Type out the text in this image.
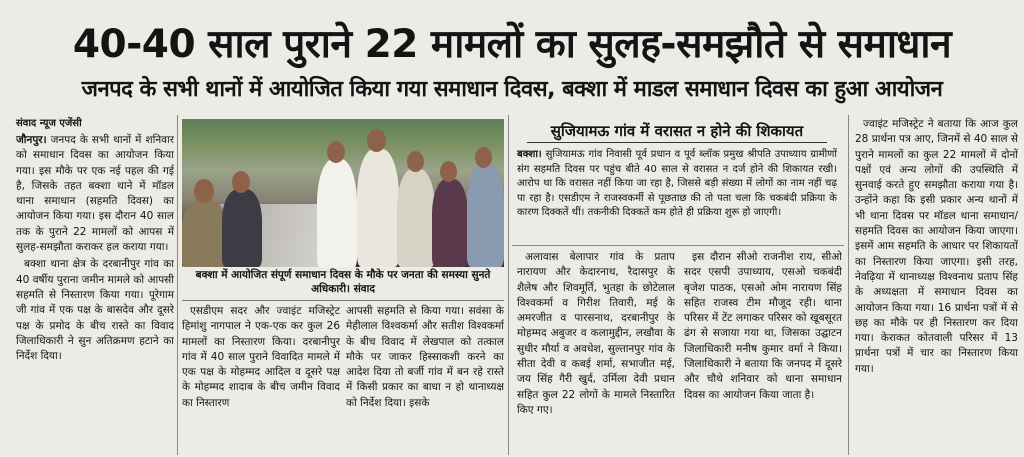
40-40 साल पुराने 22 मामलों का सुलह-समझौते से समाधान
जनपद के सभी थानों में आयोजित किया गया समाधान दिवस, बक्शा में माडल समाधान दिवस का हुआ आयोजन
संवाद न्यूज एजेंसी

जौनपुर। जनपद के सभी थानों में शनिवार को समाधान दिवस का आयोजन किया गया। इस मौके पर एक नई पहल की गई है, जिसके तहत बक्शा थाने में मॉडल थाना समाधान (सहमति दिवस) का आयोजन किया गया। इस दौरान 40 साल तक के पुराने 22 मामलों को आपस में सुलह-समझौता कराकर हल कराया गया।

बक्शा थाना क्षेत्र के दरबानीपुर गांव का 40 वर्षीय पुराना जमीन मामले को आपसी सहमति से निस्तारण किया गया। पूरेगाम जी गांव में एक पक्ष के बासदेव और दूसरे पक्ष के प्रमोद के बीच रास्ते का विवाद जिलाधिकारी ने सुन अतिक्रमण हटाने का निर्देश दिया।

बक्शा में आयोजित संपूर्ण समाधान दिवस के मौके पर जनता की समस्या सुनते अधिकारी। संवाद

एसडीएम सदर और ज्वाइंट मजिस्ट्रेट हिमांशु नागपाल ने एक-एक कर कुल 26 मामलों का निस्तारण किया। दरबानीपुर गांव में 40 साल पुराने विवादित मामले में एक पक्ष के मोहम्मद आदिल व दूसरे पक्ष के मोहम्मद शादाब के बीच जमीन विवाद का निस्तारण

आपसी सहमति से किया गया। सवंसा के मेहीलाल विश्वकर्मा और सतीश विश्वकर्मा के बीच विवाद में लेखपाल को तत्काल मौके पर जाकर हिस्साकशी करने का आदेश दिया तो बर्जी गांव में बन रहे रास्ते में किसी प्रकार का बाधा न हो थानाध्यक्ष को निर्देश दिया। इसके

सुजियामऊ गांव में वरासत न होने की शिकायत

बक्शा। सुजियामऊ गांव निवासी पूर्व प्रधान व पूर्व ब्लॉक प्रमुख श्रीपति उपाध्याय ग्रामीणों संग सहमति दिवस पर पहुंच बीते 40 साल से वरासत न दर्ज होने की शिकायत रखी। आरोप था कि वरासत नहीं किया जा रहा है, जिससे बड़ी संख्या में लोगों का नाम नहीं चढ़ पा रहा है। एसडीएम ने राजस्वकर्मी से पूछताछ की तो पता चला कि चकबंदी प्रक्रिया के कारण दिक्कतें थीं। तकनीकी दिक्कतें कम होते ही प्रक्रिया शुरू हो जाएगी।

अलावास बेलापार गांव के प्रताप नारायण और केदारनाथ, रैदासपुर के शैलेष और शिवमूर्ति, भुतहा के छोटेलाल विश्वकर्मा व गिरीश तिवारी, मई के अमरजीत व पारसनाथ, दरबानीपुर के मोहम्मद अबुजर व कलामुद्दीन, लखौवा के सुधीर मौर्या व अवधेश, सुल्तानपुर गांव के सीता देवी व कबई शर्मा, सभाजीत मई, जय सिंह गैरी खुर्द, उर्मिला देवी प्रधान सहित कुल 22 लोगों के मामले निस्तारित किए गए।

इस दौरान सीओ राजनीश राय, सीओ सदर एसपी उपाध्याय, एसओ चकबंदी बृजेश पाठक, एसओ ओम नारायण सिंह सहित राजस्व टीम मौजूद रही। थाना परिसर में टेंट लगाकर परिसर को खूबसूरत ढंग से सजाया गया था, जिसका उद्घाटन जिलाधिकारी मनीष कुमार वर्मा ने किया। जिलाधिकारी ने बताया कि जनपद में दूसरे और चौथे शनिवार को थाना समाधान दिवस का आयोजन किया जाता है।

ज्वाइंट मजिस्ट्रेट ने बताया कि आज कुल 28 प्रार्थना पत्र आए, जिनमें से 40 साल से पुराने मामलों का कुल 22 मामलों में दोनों पक्षों एवं अन्य लोगों की उपस्थिति में सुनवाई करते हुए समझौता कराया गया है। उन्होंने कहा कि इसी प्रकार अन्य थानों में भी थाना दिवस पर मॉडल थाना समाधान/सहमति दिवस का आयोजन किया जाएगा। इसमें आम सहमति के आधार पर शिकायतों का निस्तारण किया जाएगा। इसी तरह, नेवढ़िया में थानाध्यक्ष विश्वनाथ प्रताप सिंह के अध्यक्षता में समाधान दिवस का आयोजन किया गया। 16 प्रार्थना पत्रों में से छह का मौके पर ही निस्तारण कर दिया गया। केराकत कोतवाली परिसर में 13 प्रार्थना पत्रों में चार का निस्तारण किया गया।
